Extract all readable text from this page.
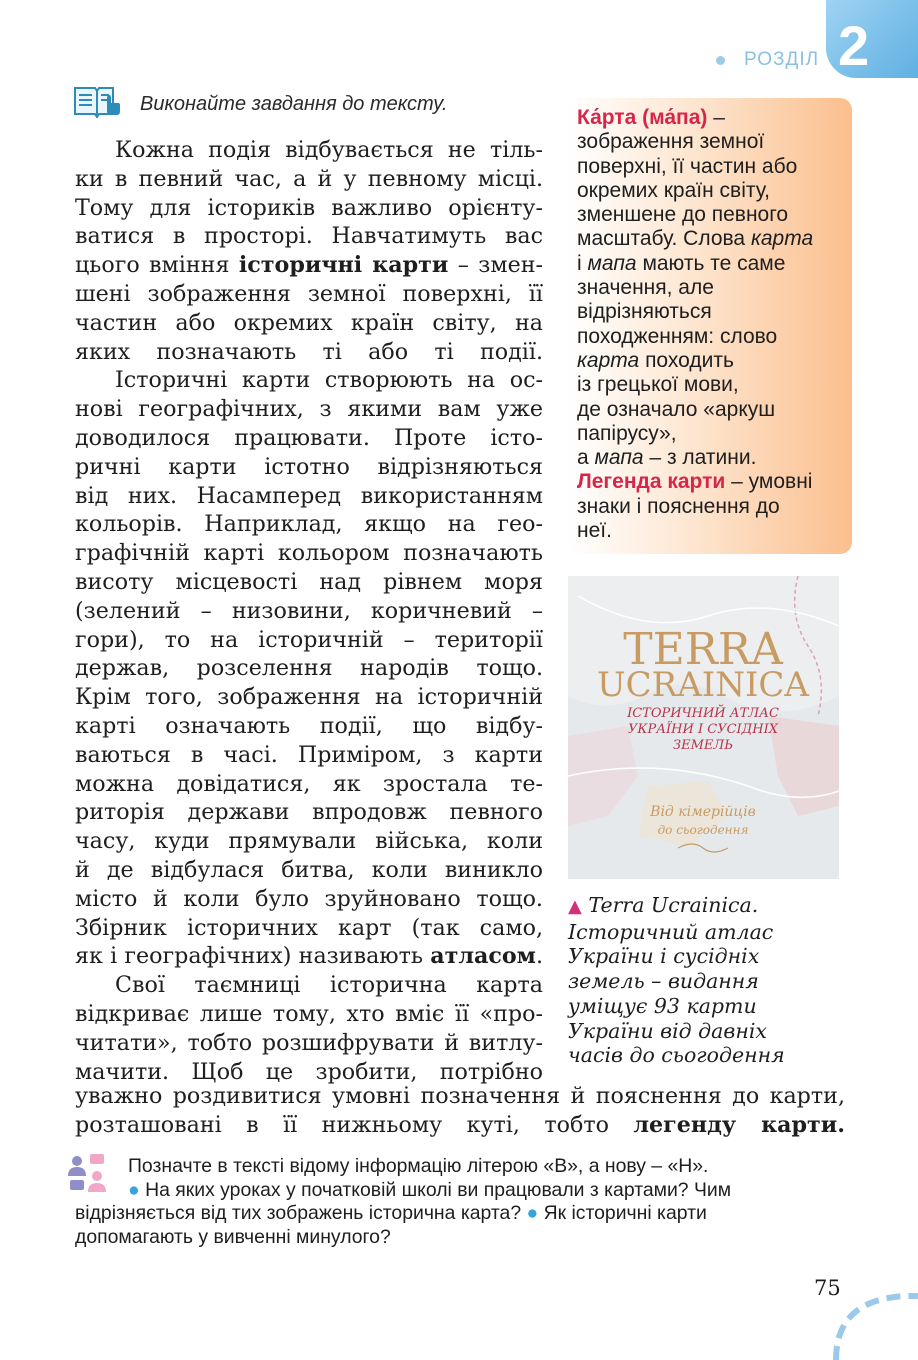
РОЗДІЛ 2
Виконайте завдання до тексту.

Кожна подія відбувається не тіль-
ки в певний час, а й у певному місці.
Тому для істориків важливо орієнту-
ватися в просторі. Навчатимуть вас
цього вміння історичні карти – змен-
шені зображення земної поверхні, її
частин або окремих країн світу, на
яких позначають ті або ті події.

Історичні карти створюють на ос-
нові географічних, з якими вам уже
доводилося працювати. Проте істо-
ричні карти істотно відрізняються
від них. Насамперед використанням
кольорів. Наприклад, якщо на гео-
графічній карті кольором позначають
висоту місцевості над рівнем моря
(зелений – низовини, коричневий –
гори), то на історичній – території
держав, розселення народів тощо.
Крім того, зображення на історичній
карті означають події, що відбу-
ваються в часі. Приміром, з карти
можна довідатися, як зростала те-
риторія держави впродовж певного
часу, куди прямували війська, коли
й де відбулася битва, коли виникло
місто й коли було зруйновано тощо.
Збірник історичних карт (так само,
як і географічних) називають атласом.

Свої таємниці історична карта
відкриває лише тому, хто вміє її «про-
читати», тобто розшифрувати й витлу-
мачити. Щоб це зробити, потрібно

уважно роздивитися умовні позначення й пояснення до карти,
розташовані в її нижньому куті, тобто легенду карти.

Ка́рта (ма́па) –
зображення земної
поверхні, її частин або
окремих країн світу,
зменшене до певного
масштабу. Слова карта
і мапа мають те саме
значення, але
відрізняються
походженням: слово
карта походить
із грецької мови,
де означало «аркуш
папірусу»,
а мапа – з латини.
Легенда карти – умовні
знаки і пояснення до
неї.
TERRA
UCRAINICA
ІСТОРИЧНИЙ АТЛАС
УКРАЇНИ І СУСІДНІХ
ЗЕМЕЛЬ
Від кімерійців
до сьогодення
▲ Terra Ucrainica.
Історичний атлас
України і сусідніх
земель – видання
уміщує 93 карти
України від давніх
часів до сьогодення
Позначте в тексті відому інформацію літерою «В», а нову – «Н».
● На яких уроках у початковій школі ви працювали з картами? Чим
відрізняється від тих зображень історична карта? ● Як історичні карти
допомагають у вивченні минулого?
75
